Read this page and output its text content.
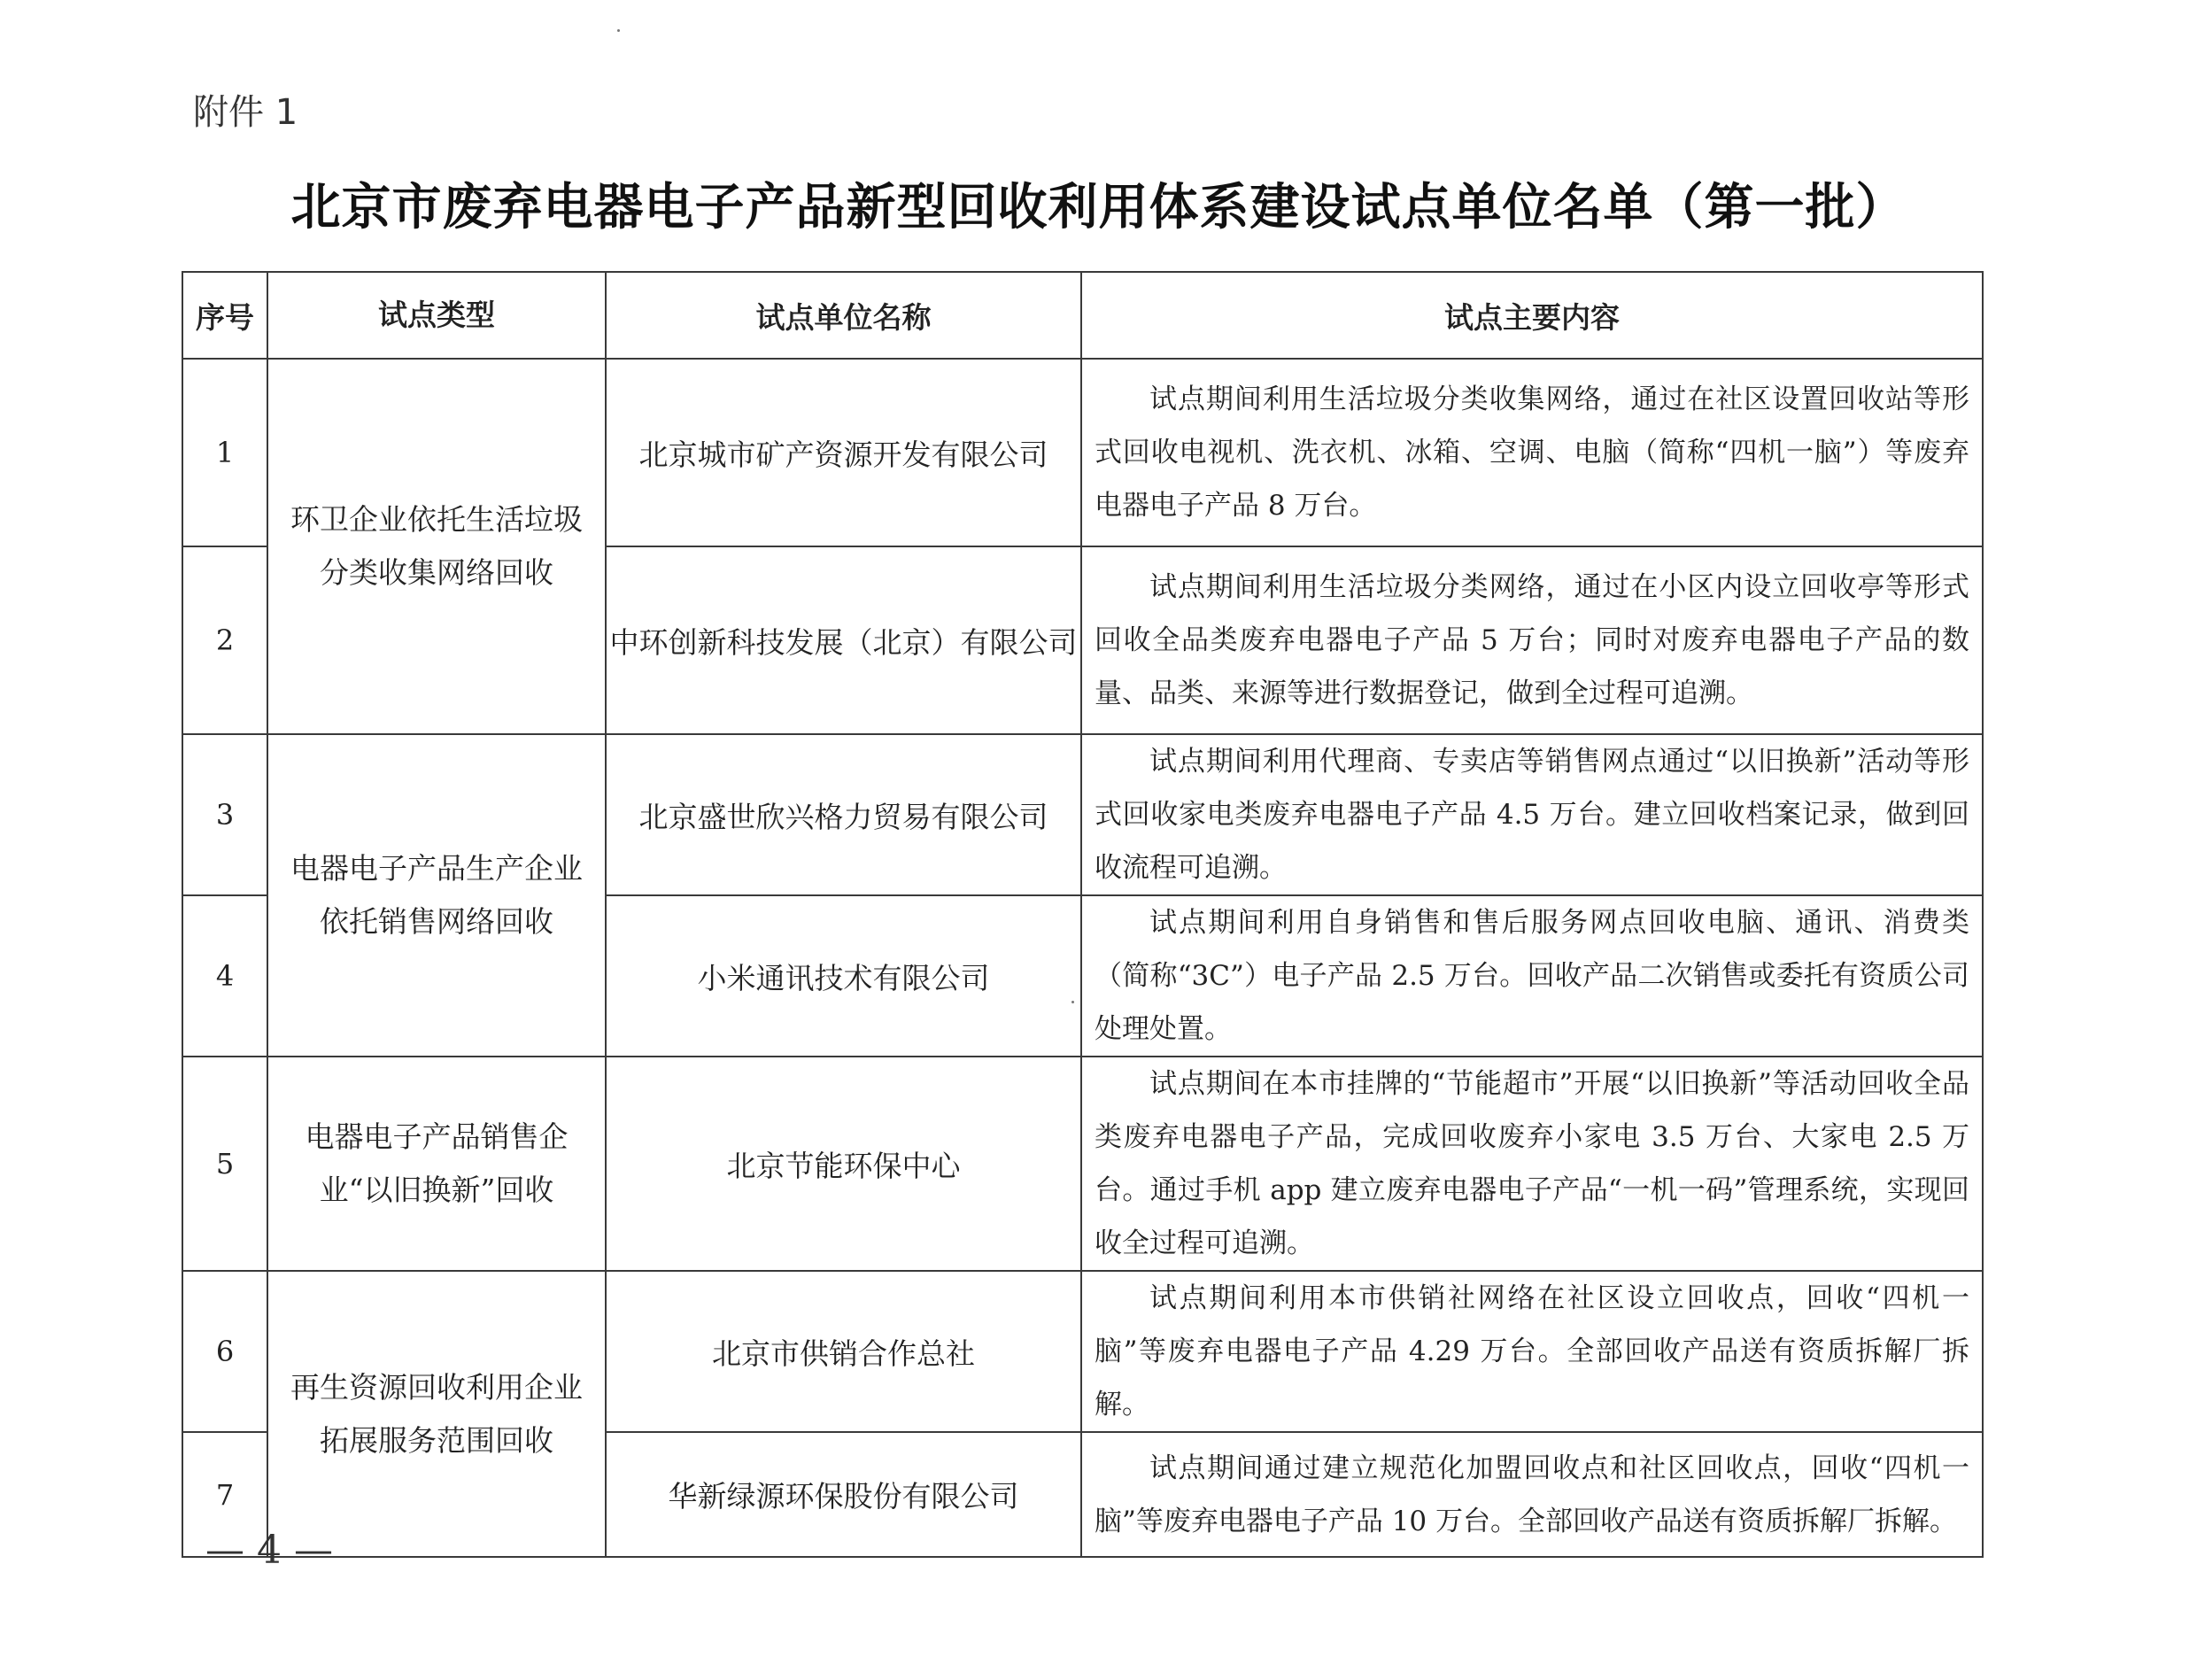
附件 1
北京市废弃电器电子产品新型回收利用体系建设试点单位名单（第一批）
序号	试点类型	试点单位名称	试点主要内容
1	环卫企业依托生活垃圾分类收集网络回收	北京城市矿产资源开发有限公司	试点期间利用生活垃圾分类收集网络，通过在社区设置回收站等形式回收电视机、洗衣机、冰箱、空调、电脑（简称“四机一脑”）等废弃电器电子产品 8 万台。
2		中环创新科技发展（北京）有限公司	试点期间利用生活垃圾分类网络，通过在小区内设立回收亭等形式回收全品类废弃电器电子产品 5 万台；同时对废弃电器电子产品的数量、品类、来源等进行数据登记，做到全过程可追溯。
3	电器电子产品生产企业依托销售网络回收	北京盛世欣兴格力贸易有限公司	试点期间利用代理商、专卖店等销售网点通过“以旧换新”活动等形式回收家电类废弃电器电子产品 4.5 万台。建立回收档案记录，做到回收流程可追溯。
4		小米通讯技术有限公司	试点期间利用自身销售和售后服务网点回收电脑、通讯、消费类（简称“3C”）电子产品 2.5 万台。回收产品二次销售或委托有资质公司处理处置。
5	电器电子产品销售企业“以旧换新”回收	北京节能环保中心	试点期间在本市挂牌的“节能超市”开展“以旧换新”等活动回收全品类废弃电器电子产品，完成回收废弃小家电 3.5 万台、大家电 2.5 万台。通过手机 app 建立废弃电器电子产品“一机一码”管理系统，实现回收全过程可追溯。
6	再生资源回收利用企业拓展服务范围回收	北京市供销合作总社	试点期间利用本市供销社网络在社区设立回收点，回收“四机一脑”等废弃电器电子产品 4.29 万台。全部回收产品送有资质拆解厂拆解。
7		华新绿源环保股份有限公司	试点期间通过建立规范化加盟回收点和社区回收点，回收“四机一脑”等废弃电器电子产品 10 万台。全部回收产品送有资质拆解厂拆解。
— 4 —
